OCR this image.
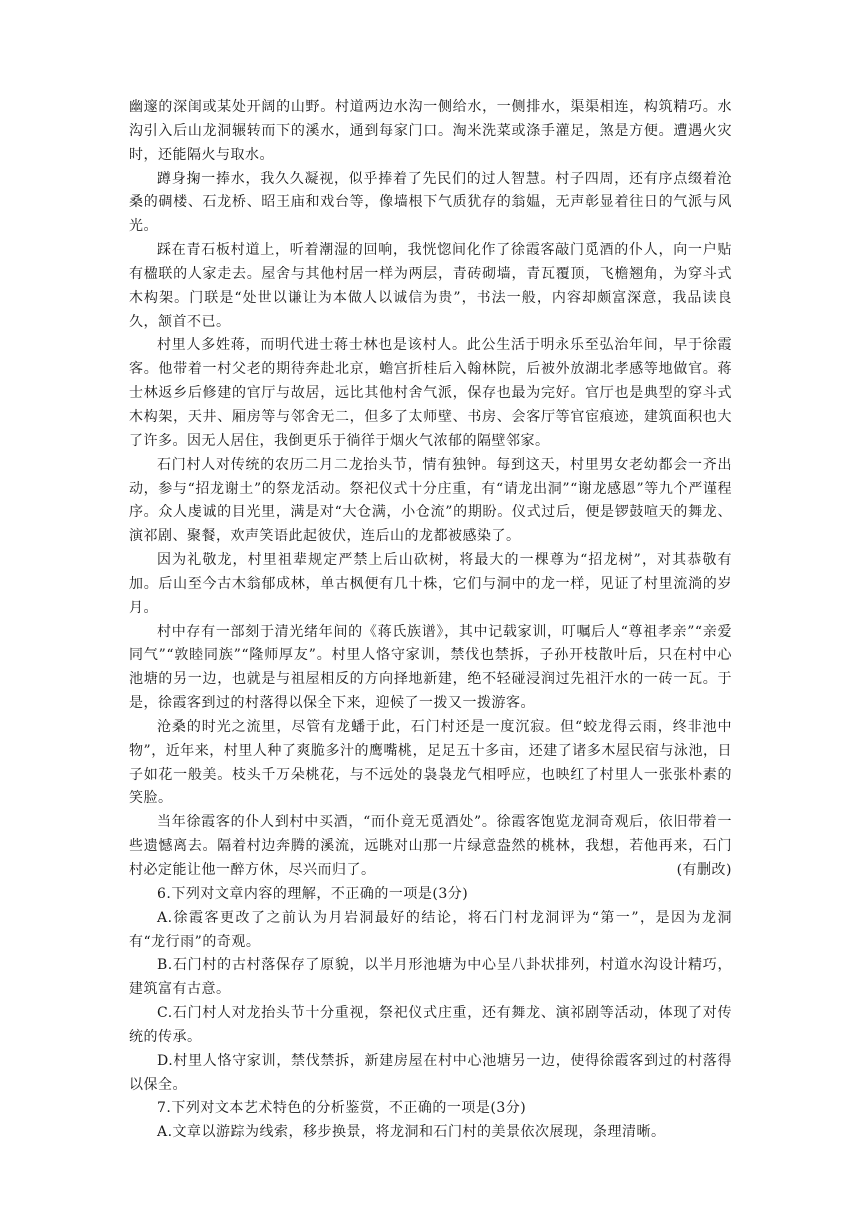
幽邃的深闺或某处开阔的山野。村道两边水沟一侧给水，一侧排水，渠渠相连，构筑精巧。水沟引入后山龙洞辗转而下的溪水，通到每家门口。淘米洗菜或涤手灌足，煞是方便。遭遇火灾时，还能隔火与取水。

蹲身掬一捧水，我久久凝视，似乎捧着了先民们的过人智慧。村子四周，还有序点缀着沧桑的碉楼、石龙桥、昭王庙和戏台等，像墙根下气质犹存的翁媪，无声彰显着往日的气派与风光。

踩在青石板村道上，听着潮湿的回响，我恍惚间化作了徐霞客敲门觅酒的仆人，向一户贴有楹联的人家走去。屋舍与其他村居一样为两层，青砖砌墙，青瓦覆顶，飞檐翘角，为穿斗式木构架。门联是“处世以谦让为本做人以诚信为贵”，书法一般，内容却颇富深意，我品读良久，颔首不已。

村里人多姓蒋，而明代进士蒋士林也是该村人。此公生活于明永乐至弘治年间，早于徐霞客。他带着一村父老的期待奔赴北京，蟾宫折桂后入翰林院，后被外放湖北孝感等地做官。蒋士林返乡后修建的官厅与故居，远比其他村舍气派，保存也最为完好。官厅也是典型的穿斗式木构架，天井、厢房等与邻舍无二，但多了太师壁、书房、会客厅等官宦痕迹，建筑面积也大了许多。因无人居住，我倒更乐于徜徉于烟火气浓郁的隔壁邻家。

石门村人对传统的农历二月二龙抬头节，情有独钟。每到这天，村里男女老幼都会一齐出动，参与“招龙谢土”的祭龙活动。祭祀仪式十分庄重，有“请龙出洞”“谢龙感恩”等九个严谨程序。众人虔诚的目光里，满是对“大仓满，小仓流”的期盼。仪式过后，便是锣鼓喧天的舞龙、演祁剧、聚餐，欢声笑语此起彼伏，连后山的龙都被感染了。

因为礼敬龙，村里祖辈规定严禁上后山砍树，将最大的一棵尊为“招龙树”，对其恭敬有加。后山至今古木翁郁成林，单古枫便有几十株，它们与洞中的龙一样，见证了村里流淌的岁月。

村中存有一部刻于清光绪年间的《蒋氏族谱》，其中记载家训，叮嘱后人“尊祖孝亲”“亲爱同气”“敦睦同族”“隆师厚友”。村里人恪守家训，禁伐也禁拆，子孙开枝散叶后，只在村中心池塘的另一边，也就是与祖屋相反的方向择地新建，绝不轻碰浸润过先祖汗水的一砖一瓦。于是，徐霞客到过的村落得以保全下来，迎候了一拨又一拨游客。

沧桑的时光之流里，尽管有龙蟠于此，石门村还是一度沉寂。但“蛟龙得云雨，终非池中物”，近年来，村里人种了爽脆多汁的鹰嘴桃，足足五十多亩，还建了诸多木屋民宿与泳池，日子如花一般美。枝头千万朵桃花，与不远处的袅袅龙气相呼应，也映红了村里人一张张朴素的笑脸。

当年徐霞客的仆人到村中买酒，“而仆竟无觅酒处”。徐霞客饱览龙洞奇观后，依旧带着一些遗憾离去。隔着村边奔腾的溪流，远眺对山那一片绿意盎然的桃林，我想，若他再来，石门村必定能让他一醉方休，尽兴而归了。	(有删改)

6.下列对文章内容的理解，不正确的一项是(3分)

A.徐霞客更改了之前认为月岩洞最好的结论，将石门村龙洞评为“第一”，是因为龙洞有“龙行雨”的奇观。

B.石门村的古村落保存了原貌，以半月形池塘为中心呈八卦状排列，村道水沟设计精巧，建筑富有古意。

C.石门村人对龙抬头节十分重视，祭祀仪式庄重，还有舞龙、演祁剧等活动，体现了对传统的传承。

D.村里人恪守家训，禁伐禁拆，新建房屋在村中心池塘另一边，使得徐霞客到过的村落得以保全。

7.下列对文本艺术特色的分析鉴赏，不正确的一项是(3分)

A.文章以游踪为线索，移步换景，将龙洞和石门村的美景依次展现，条理清晰。
